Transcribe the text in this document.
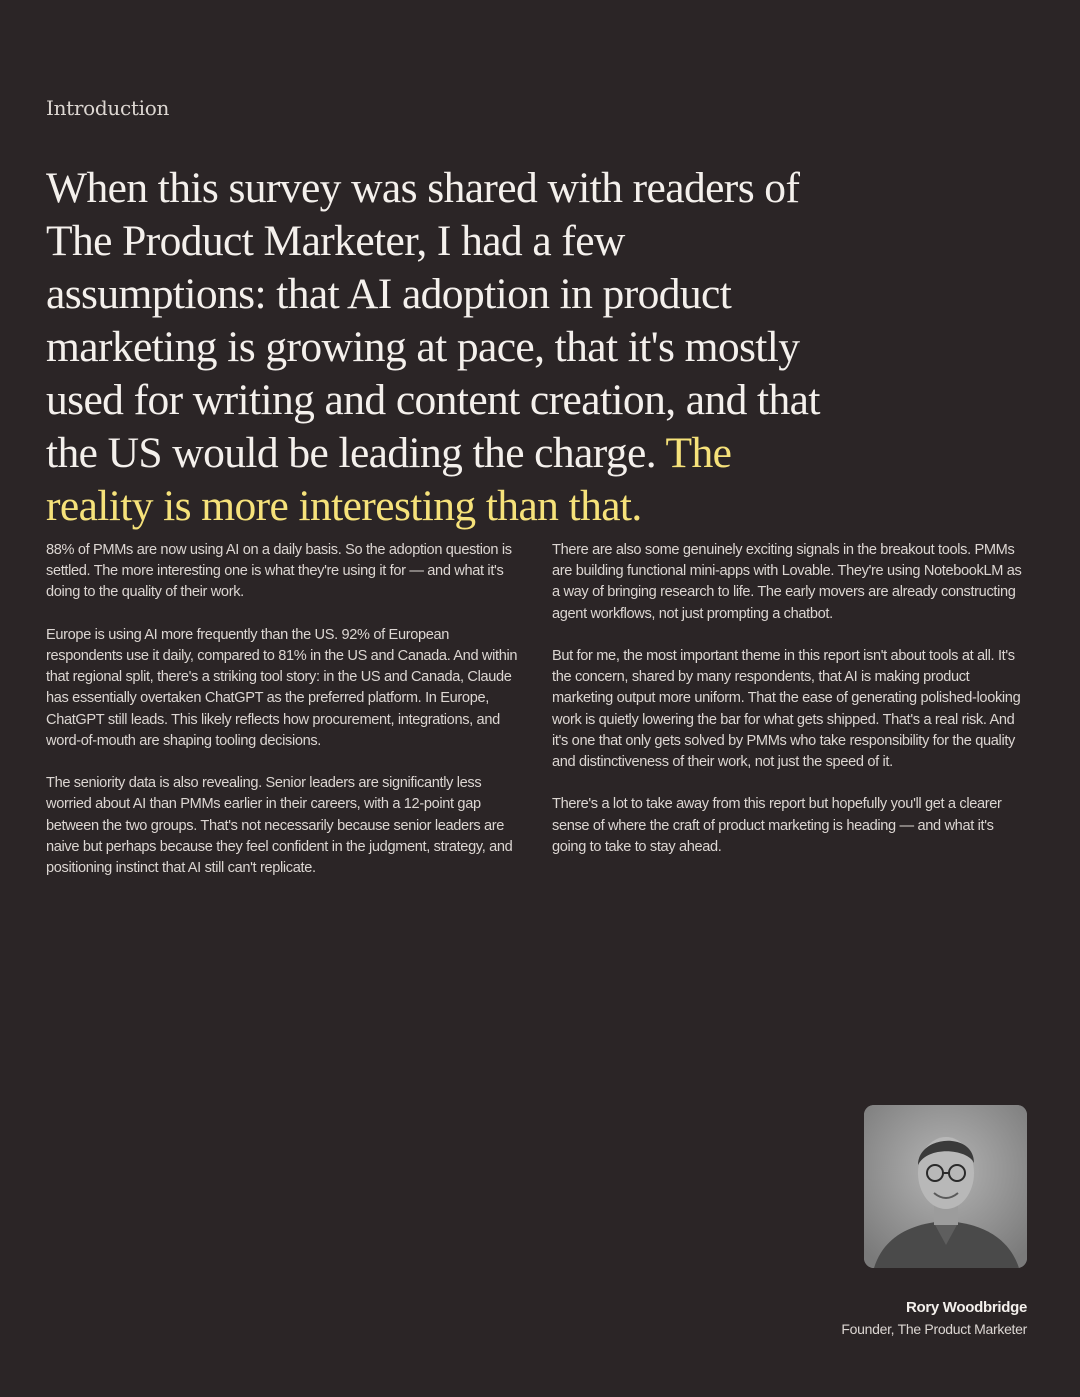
Introduction
When this survey was shared with readers of The Product Marketer, I had a few assumptions: that AI adoption in product marketing is growing at pace, that it's mostly used for writing and content creation, and that the US would be leading the charge. The reality is more interesting than that.

88% of PMMs are now using AI on a daily basis. So the adoption question is settled. The more interesting one is what they're using it for — and what it's doing to the quality of their work.

Europe is using AI more frequently than the US. 92% of European respondents use it daily, compared to 81% in the US and Canada. And within that regional split, there's a striking tool story: in the US and Canada, Claude has essentially overtaken ChatGPT as the preferred platform. In Europe, ChatGPT still leads. This likely reflects how procurement, integrations, and word-of-mouth are shaping tooling decisions.

The seniority data is also revealing. Senior leaders are significantly less worried about AI than PMMs earlier in their careers, with a 12-point gap between the two groups. That's not necessarily because senior leaders are naive but perhaps because they feel confident in the judgment, strategy, and positioning instinct that AI still can't replicate.

There are also some genuinely exciting signals in the breakout tools. PMMs are building functional mini-apps with Lovable. They're using NotebookLM as a way of bringing research to life. The early movers are already constructing agent workflows, not just prompting a chatbot.

But for me, the most important theme in this report isn't about tools at all. It's the concern, shared by many respondents, that AI is making product marketing output more uniform. That the ease of generating polished-looking work is quietly lowering the bar for what gets shipped. That's a real risk. And it's one that only gets solved by PMMs who take responsibility for the quality and distinctiveness of their work, not just the speed of it.

There's a lot to take away from this report but hopefully you'll get a clearer sense of where the craft of product marketing is heading — and what it's going to take to stay ahead.

Rory Woodbridge
Founder, The Product Marketer
